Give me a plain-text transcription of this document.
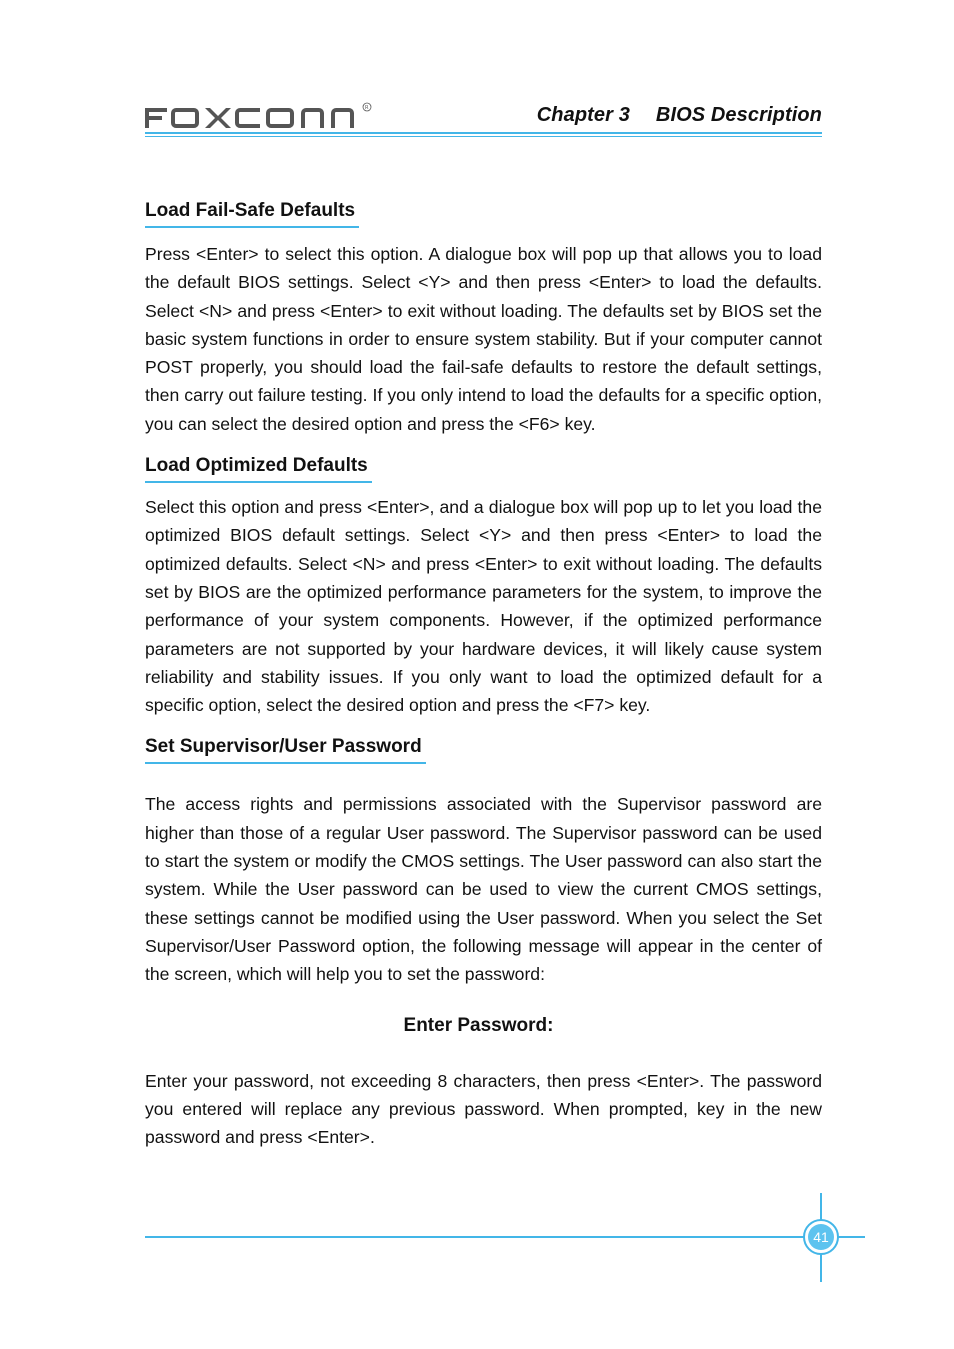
R	Chapter 3 BIOS Description
Load Fail-Safe Defaults

Press <Enter> to select this option. A dialogue box will pop up that allows you to load the default BIOS settings. Select <Y> and then press <Enter> to load the defaults. Select <N> and press <Enter> to exit without loading. The defaults set by BIOS set the basic system functions in order to ensure system stability. But if your computer cannot POST properly, you should load the fail-safe defaults to restore the default settings, then carry out failure testing. If you only intend to load the defaults for a specific option, you can select the desired option and press the <F6> key.

Load Optimized Defaults

Select this option and press <Enter>, and a dialogue box will pop up to let you load the optimized BIOS default settings. Select <Y> and then press <Enter> to load the optimized defaults. Select <N> and press <Enter> to exit without loading. The defaults set by BIOS are the optimized performance parameters for the system, to improve the performance of your system components. However, if the optimized performance parameters are not supported by your hardware devices, it will likely cause system reliability and stability issues. If you only want to load the optimized default for a specific option, select the desired option and press the <F7> key.

Set Supervisor/User Password

The access rights and permissions associated with the Supervisor password are higher than those of a regular User password. The Supervisor password can be used to start the system or modify the CMOS settings. The User password can also start the system. While the User password can be used to view the current CMOS settings, these settings cannot be modified using the User password. When you select the Set Supervisor/User Password option, the following message will appear in the center of the screen, which will help you to set the password:

Enter Password:

Enter your password, not exceeding 8 characters, then press <Enter>. The password you entered will replace any previous password. When prompted, key in the new password and press <Enter>.

41
